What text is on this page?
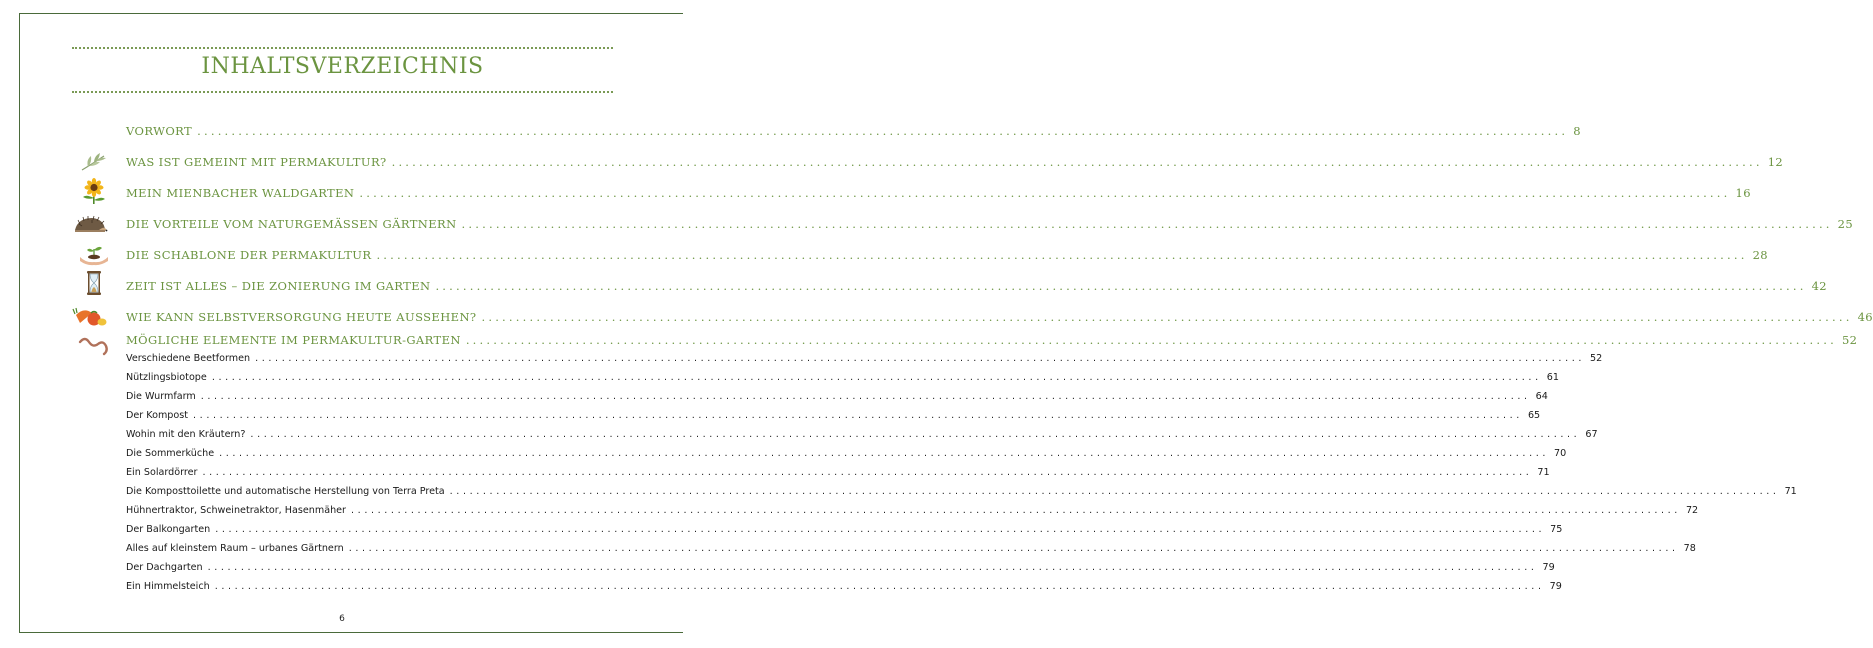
INHALTSVERZEICHNIS
VORWORT ........................................................................................................................................................................................................ 8
WAS IST GEMEINT MIT PERMAKULTUR? ........................................................................................................................................................................................................ 12
MEIN MIENBACHER WALDGARTEN ........................................................................................................................................................................................................ 16
DIE VORTEILE VOM NATURGEMÄSSEN GÄRTNERN ........................................................................................................................................................................................................ 25
DIE SCHABLONE DER PERMAKULTUR ........................................................................................................................................................................................................ 28
ZEIT IST ALLES – DIE ZONIERUNG IM GARTEN ........................................................................................................................................................................................................ 42
WIE KANN SELBSTVERSORGUNG HEUTE AUSSEHEN? ........................................................................................................................................................................................................ 46
MÖGLICHE ELEMENTE IM PERMAKULTUR-GARTEN ........................................................................................................................................................................................................ 52
Verschiedene Beetformen ........................................................................................................................................................................................................ 52
Nützlingsbiotope ........................................................................................................................................................................................................ 61
Die Wurmfarm ........................................................................................................................................................................................................ 64
Der Kompost ........................................................................................................................................................................................................ 65
Wohin mit den Kräutern? ........................................................................................................................................................................................................ 67
Die Sommerküche ........................................................................................................................................................................................................ 70
Ein Solardörrer ........................................................................................................................................................................................................ 71
Die Komposttoilette und automatische Herstellung von Terra Preta ........................................................................................................................................................................................................ 71
Hühnertraktor, Schweinetraktor, Hasenmäher ........................................................................................................................................................................................................ 72
Der Balkongarten ........................................................................................................................................................................................................ 75
Alles auf kleinstem Raum – urbanes Gärtnern ........................................................................................................................................................................................................ 78
Der Dachgarten ........................................................................................................................................................................................................ 79
Ein Himmelsteich ........................................................................................................................................................................................................ 79
6
